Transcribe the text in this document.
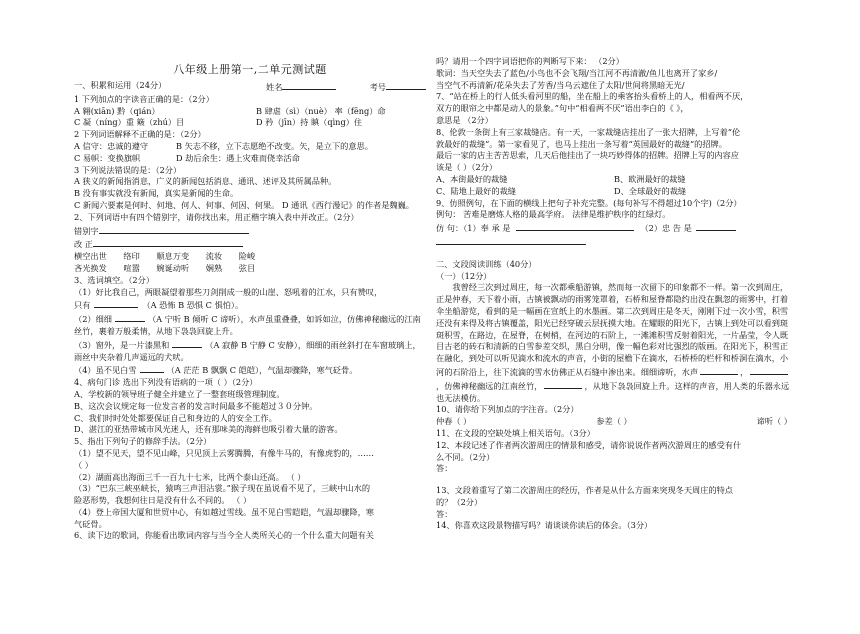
八年级上册第一,二单元测试题
一、积累和运用（24分）	姓名	考号
1 下列加点的字读音正确的是：（2分）
A 翱(xiān) 黔（qián）	B 肆虐（sì）（nuè） 率（fēng）命
C 凝（níng）重 簸（zhú）目	D 矜（jīn）持 瞋（qìng）住
2 下列词语解释不正确的是：（2分）
A 信守：忠诚的遵守	B 矢志不移，立下志愿绝不改变。矢，是立下的意思。
C 易帜：变换旗帜	D 劫后余生：遇上灾难而侥幸活命
3 下列说法错误的是：（2分）
A 狭义的新闻指消息，广义的新闻包括消息、通讯、述评及其所属品种。
B 没有事实就没有新闻，真实是新闻的生命。
C 新闻六要素是何时、何地、何人、何事、何因、何果。 D 通讯《西行漫记》的作者是魏巍。
2、下列词语中有四个错别字，请你找出来，用正楷字填入表中并改正。（2分）
错别字
改 正
横空出世 络印 顺息万变 流妆 险峻
吝光换发 喧嚣 婉诞动听 娴熟 弦目
3、选词填空。（2分）
（1）好比我自己，两眼凝望着那些刀剑削成一般的山崖、怒吼着的江水，只有赞叹，
只有	（A 恐怖 B 恐惧 C 惧怕）。
（2）细细	（A 宁听 B 倾听 C 谛听），水声虽重叠叠，如诉如泣，仿佛神秘幽远的江南丝竹，裹着万般柔情，从地下袅袅回旋上升。
（3）窗外，是一片漆黑和	（A 寂静 B 宁静 C 安静），细细的雨丝斜打在车窗玻璃上，雨丝中夹杂着几声遥远的犬吠。
（4）虽不见白雪	（A 茫茫 B 飘飘 C 皑皑），气温却骤降，寒气砭骨。
4、病句门诊 选出下列没有语病的一项（ ）（2分）
A、学校新的领导班子健全并建立了一整套班级管理制度。
B、这次会议规定每一位发言者的发言时间最多不能超过３０分钟。
C、我们时时处处都要保证自己和身边的人的安全工作。
D、湛江的亚热带城市风光迷人，还有那味美的海鲜也吸引着大量的游客。
5、指出下列句子的修辞手法。（2分）
（1）望不见天，望不见山峰，只见顶上云雾腾腾，有像牛马的，有像虎豹的，……
（ ）
（2）湖面高出海面三千一百九十七米，比两个泰山还高。 （ ）
（3）“巴东三峡巫峡长，猿鸣三声泪沾裳。”猴子现在虽说看不见了，三峡中山水的
险恶形势，我想何往日是没有什么不同的。 （ ）
（4）登上帝国大厦和世贸中心，有如越过雪线。虽不见白雪皑皑，气温却骤降，寒
气砭骨。
6、读下边的歌词，你能看出歌词内容与当今全人类所关心的一个什么重大问题有关
吗？请用一个四字词语把你的判断写下来： （2分）
歌词：当天空失去了蓝色/小鸟也不会飞翔/当江河不再清澈/鱼儿也离开了家乡/
当空气不再清新/花朵失去了芳香/当乌云遮住了太阳/世间将黑暗无光/
7、“站在桥上的行人低头看河里的船，坐在船上的乘客抬头看桥上的人，相看两不厌，
双方的眼帘之中都是动人的景象。”句中“相看两不厌”语出李白的《 》，
意思是 （2分）
8、伦敦一条街上有三家裁缝店。有一天，一家裁缝店挂出了一张大招牌，上写着“伦
敦最好的裁缝”。第一家看见了，也马上挂出一条写着“英国最好的裁缝”的招牌。
最后一家的店主苦苦思索，几天后他挂出了一块巧妙得体的招牌。招牌上写的内容应
该是（ ）（2分）
A、本街最好的裁缝	B、欧洲最好的裁缝
C、陆地上最好的裁缝	D、全球最好的裁缝
9、仿照例句，在下面的横线上把句子补充完整。(每句补写不得超过10个字)（2分）
例句： 苦难是磨炼人格的最高学府。 法律是维护秩序的红绿灯。
仿 句：（1）奉 承 是	（2）忠 告 是
二、文段阅读训练（40分）
（一）（12分）
我曾经三次到过周庄，每一次都乘船游镇，然而每一次留下的印象都不一样。第一次到周庄，正是仲春，天下着小雨，古镇被飘动的雨雾笼罩着，石桥和屋脊都隐约出没在飘忽的雨雾中，打着伞坐船游览，看到的是一幅画在宣纸上的水墨画。第二次到周庄是冬天，刚刚下过一次小雪，积雪还没有来得及将古镇覆盖，阳光已经穿破云层抚摸大地。在耀眼的阳光下，古镇上到处可以看到斑斑积雪，在路边，在屋脊，在树梢，在河边的石阶上，一滩滩积雪反射着阳光，一片晶莹，令人既目古老的砖石和清新的白雪参差交织，黑白分明，像一幅色彩对比强烈的版画。在阳光下，积雪正在融化，到处可以听见滴水和流水的声音，小街的屋檐下在滴水，石桥桥的栏杆和桥洞在滴水，小河的石阶沿上，往下流滴的雪水仿佛正从石缝中渗出来。细细谛听，水声	，，仿佛神秘幽远的江南丝竹，	，从地下袅袅回旋上升。这样的声音，用人类的乐器永远也无法模仿。
10、请你给下列加点的字注音。（2分）
仲春（ ）	参差（ ）	谛听（ ）
11、在文段的空缺处填上相关语句。（3分）
12、本段记述了作者两次游周庄的情景和感受，请你说说作者两次游周庄的感受有什
么不同。（2分）
答：
13、文段着重写了第二次游周庄的经历，作者是从什么方面来突现冬天周庄的特点
的？（2分）
答：
14、你喜欢这段景物描写吗？请谈谈你读后的体会。（3分）
